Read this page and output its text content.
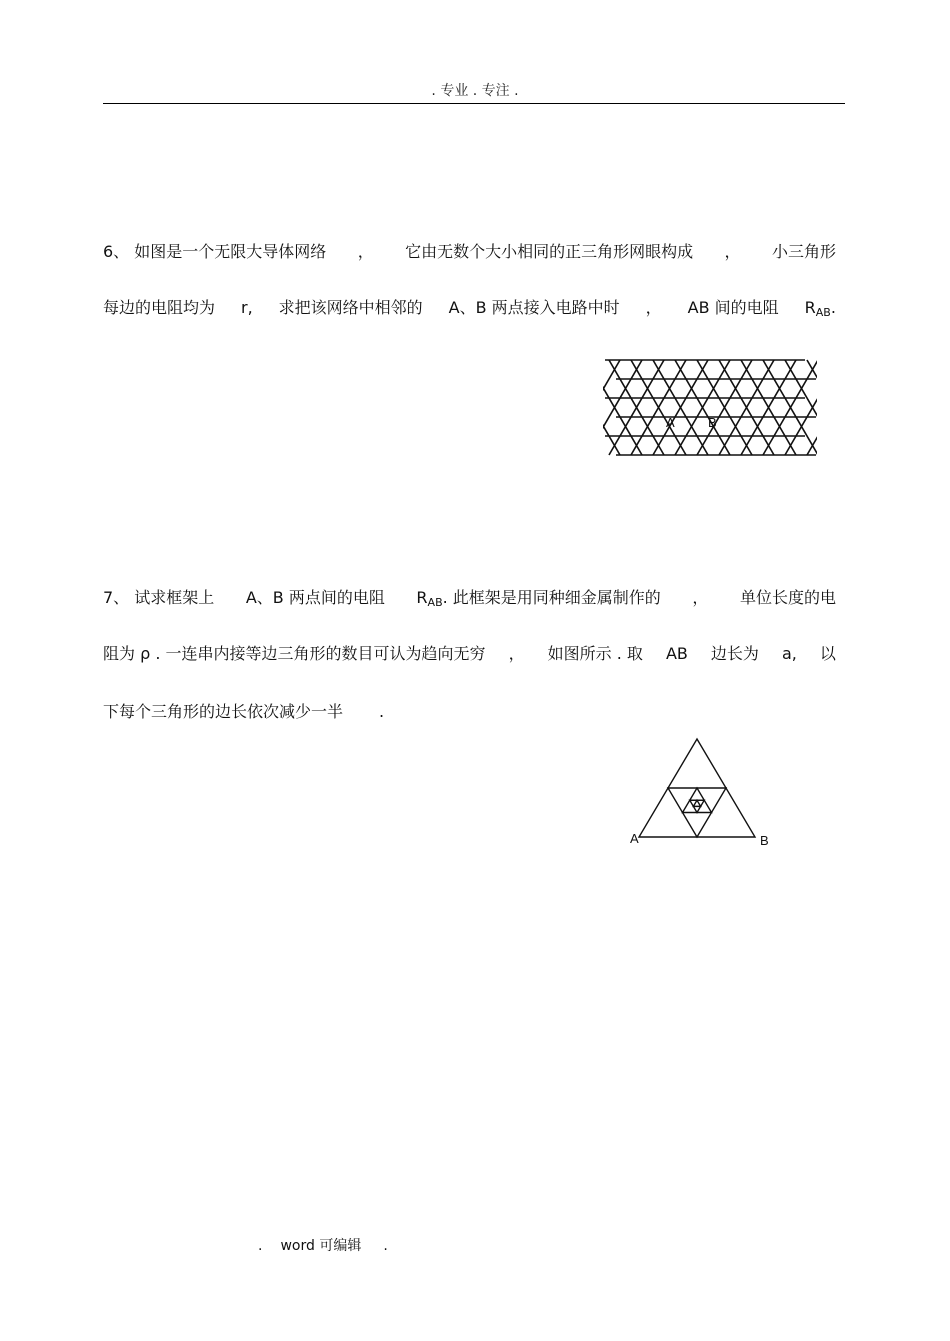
. 专业 . 专注 .
6、 如图是一个无限大导体网络 ， 它由无数个大小相同的正三角形网眼构成 ， 小三角形
每边的电阻均为 r, 求把该网络中相邻的 A、B 两点接入电路中时 ， AB 间的电阻 $R_{AB}$.
A	B
7、 试求框架上 A、B 两点间的电阻 $R_{AB}$. 此框架是用同种细金属制作的 ， 单位长度的电
阻为 ρ . 一连串内接等边三角形的数目可认为趋向无穷 ， 如图所示 . 取 AB 边长为 a, 以
下每个三角形的边长依次减少一半 .
A	B
. word 可编辑 .
